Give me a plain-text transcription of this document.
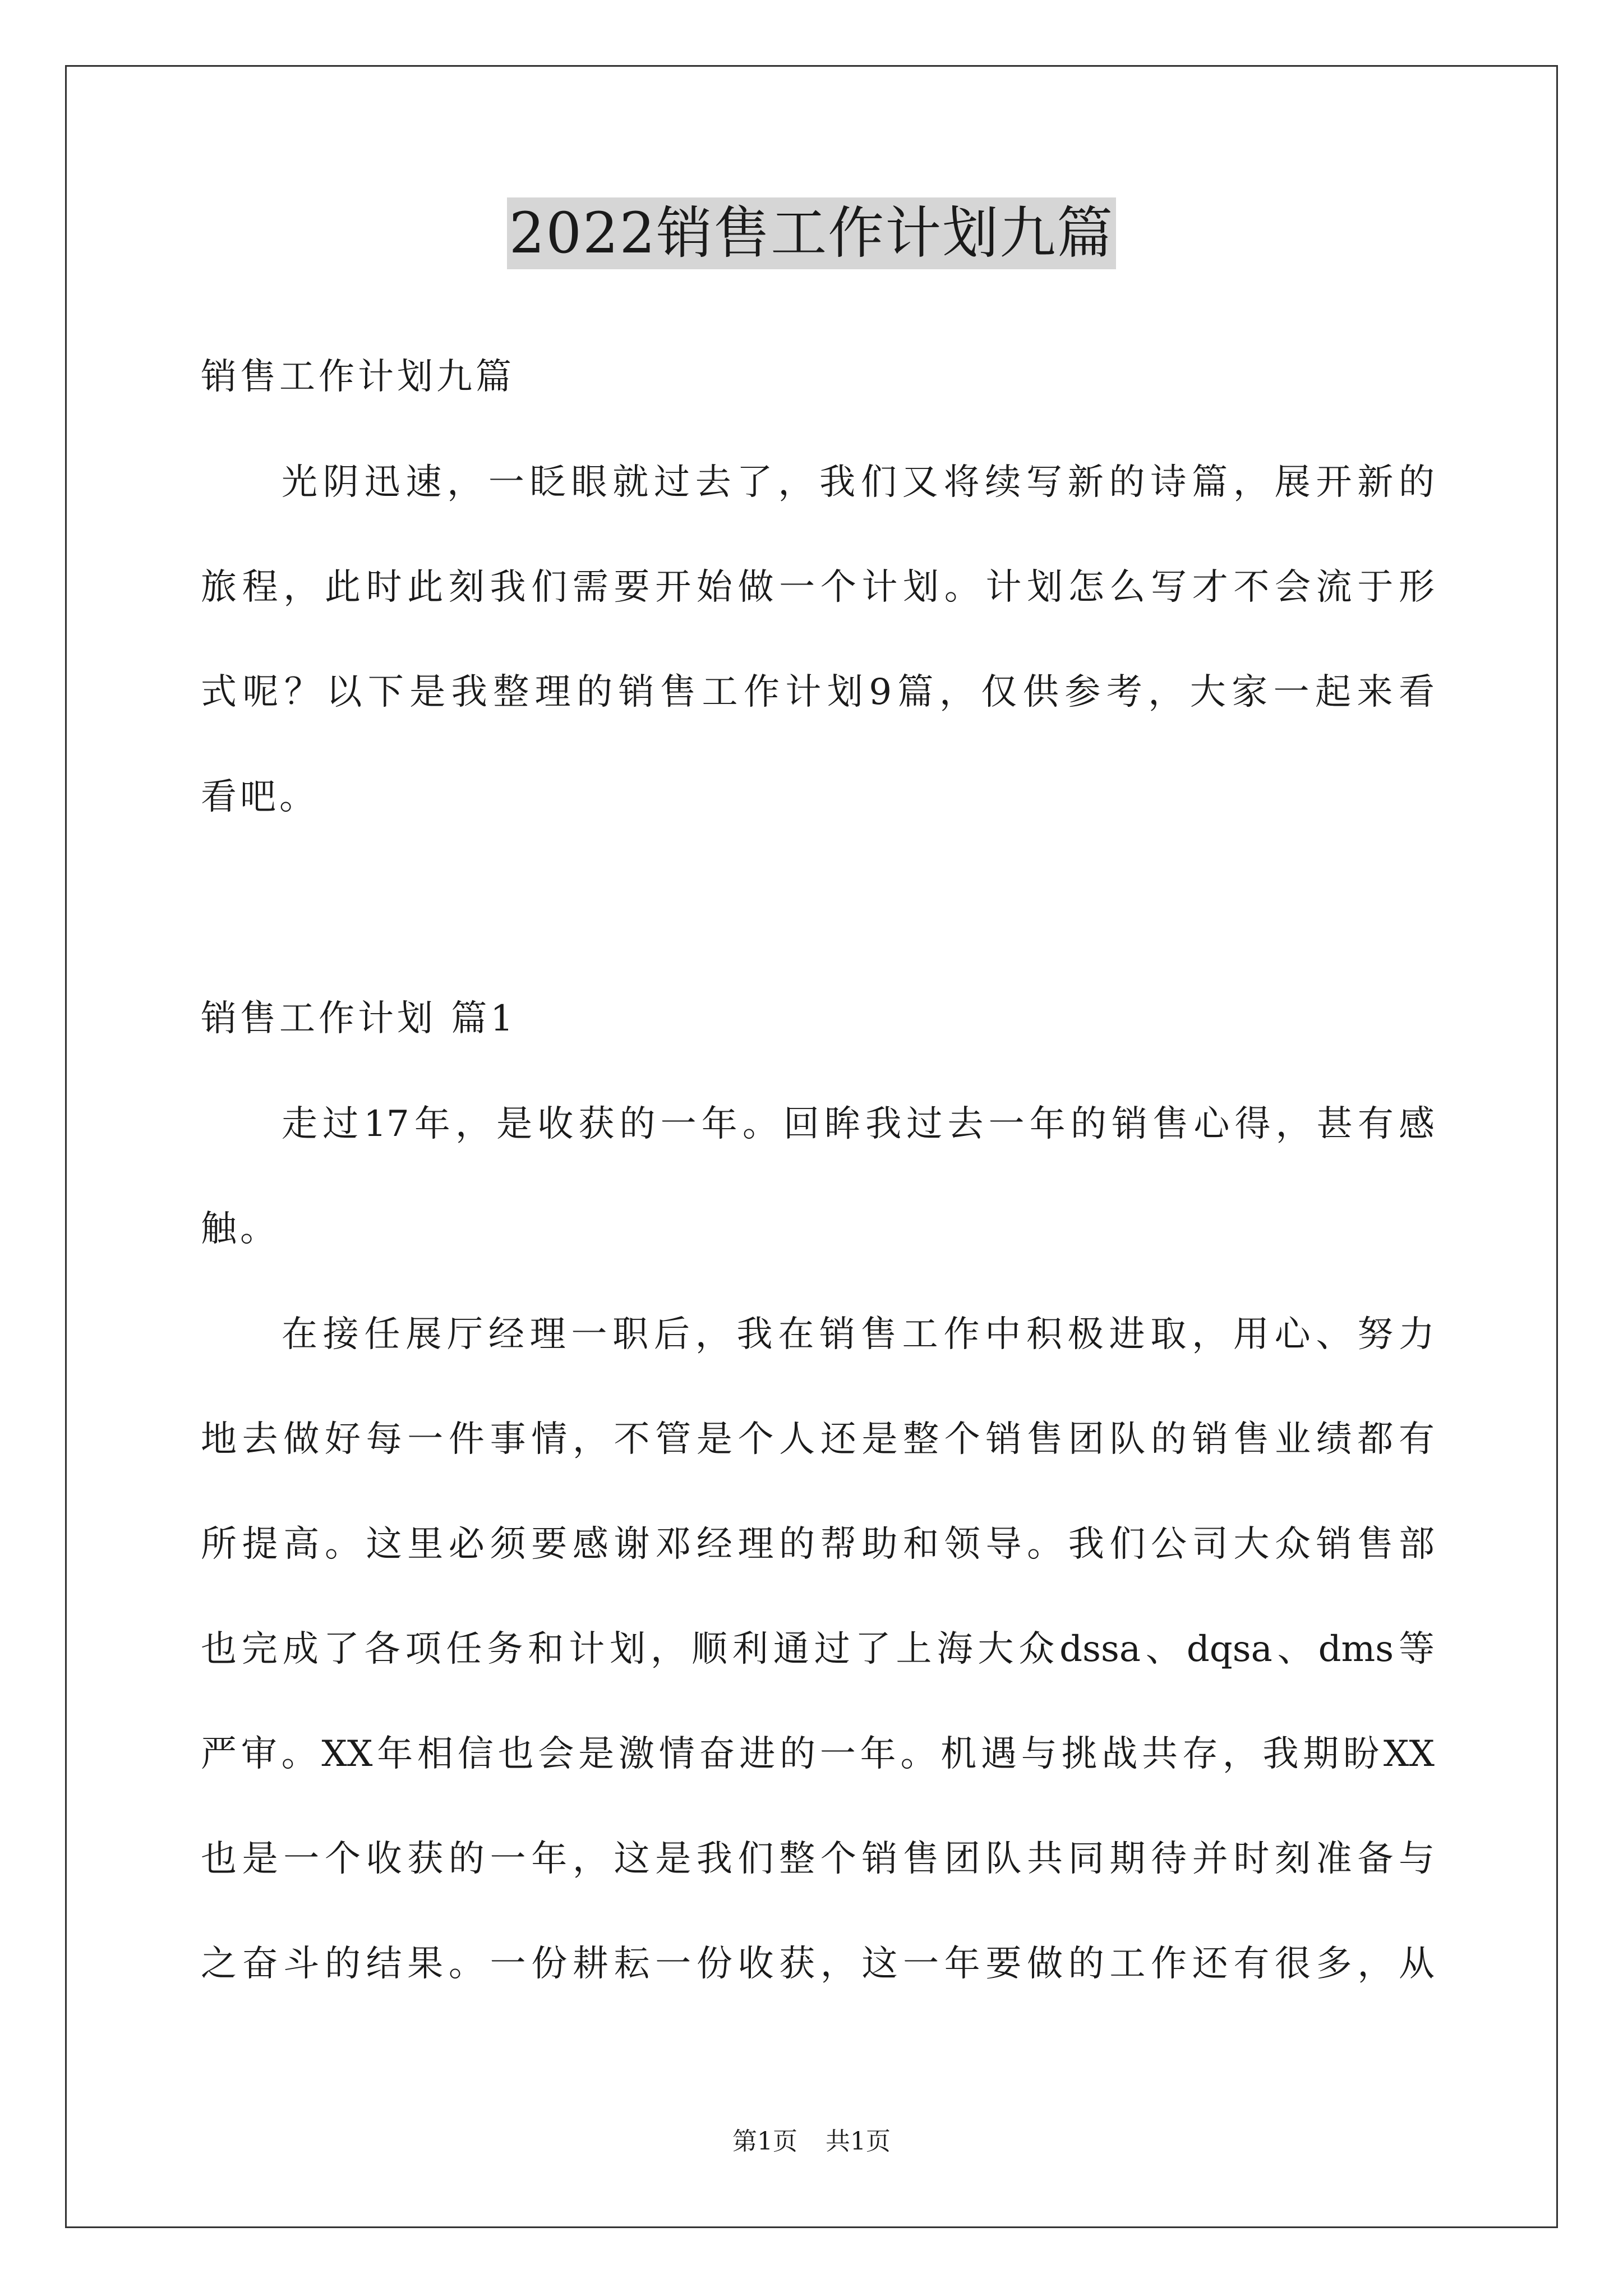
2022销售工作计划九篇
销售工作计划九篇
光阴迅速，一眨眼就过去了，我们又将续写新的诗篇，展开新的
旅程，此时此刻我们需要开始做一个计划。计划怎么写才不会流于形
式呢？以下是我整理的销售工作计划9篇，仅供参考，大家一起来看
看吧。
销售工作计划 篇1
走过17年，是收获的一年。回眸我过去一年的销售心得，甚有感
触。
在接任展厅经理一职后，我在销售工作中积极进取，用心、努力
地去做好每一件事情，不管是个人还是整个销售团队的销售业绩都有
所提高。这里必须要感谢邓经理的帮助和领导。我们公司大众销售部
也完成了各项任务和计划，顺利通过了上海大众dssa、dqsa、dms等
严审。XX年相信也会是激情奋进的一年。机遇与挑战共存，我期盼XX
也是一个收获的一年，这是我们整个销售团队共同期待并时刻准备与
之奋斗的结果。一份耕耘一份收获，这一年要做的工作还有很多，从
第1页 共1页
